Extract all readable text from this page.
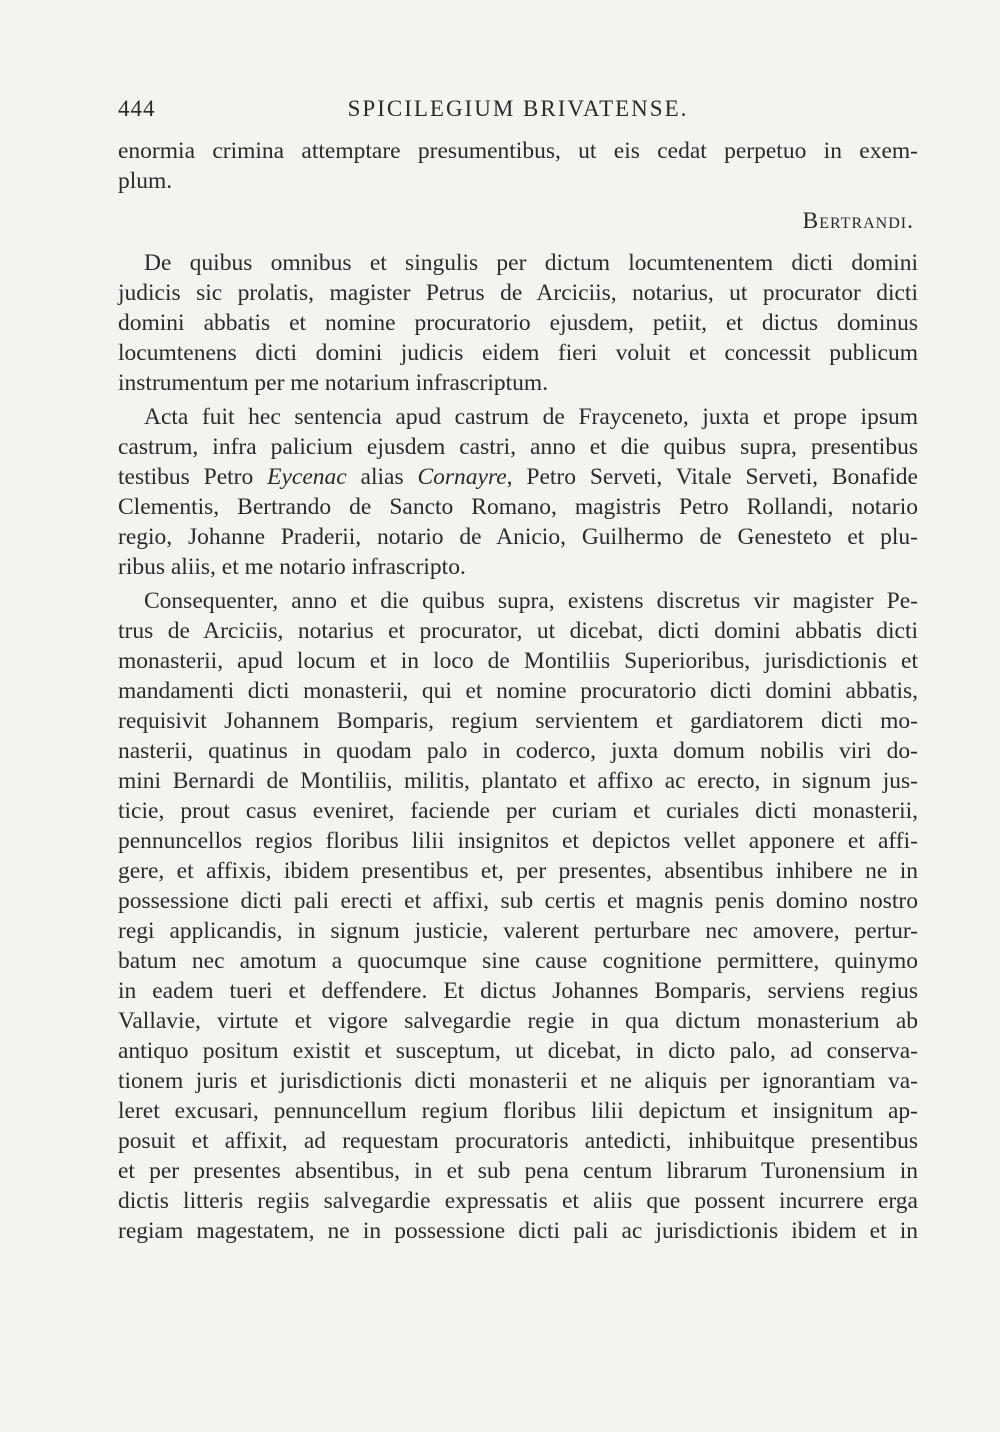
444	SPICILEGIUM BRIVATENSE.
enormia crimina attemptare presumentibus, ut eis cedat perpetuo in exem-
plum.
Bertrandi.
De quibus omnibus et singulis per dictum locumtenentem dicti domini
judicis sic prolatis, magister Petrus de Arciciis, notarius, ut procurator dicti
domini abbatis et nomine procuratorio ejusdem, petiit, et dictus dominus
locumtenens dicti domini judicis eidem fieri voluit et concessit publicum
instrumentum per me notarium infrascriptum.
Acta fuit hec sentencia apud castrum de Frayceneto, juxta et prope ipsum
castrum, infra palicium ejusdem castri, anno et die quibus supra, presentibus
testibus Petro Eycenac alias Cornayre, Petro Serveti, Vitale Serveti, Bonafide
Clementis, Bertrando de Sancto Romano, magistris Petro Rollandi, notario
regio, Johanne Praderii, notario de Anicio, Guilhermo de Genesteto et plu-
ribus aliis, et me notario infrascripto.
Consequenter, anno et die quibus supra, existens discretus vir magister Pe-
trus de Arciciis, notarius et procurator, ut dicebat, dicti domini abbatis dicti
monasterii, apud locum et in loco de Montiliis Superioribus, jurisdictionis et
mandamenti dicti monasterii, qui et nomine procuratorio dicti domini abbatis,
requisivit Johannem Bomparis, regium servientem et gardiatorem dicti mo-
nasterii, quatinus in quodam palo in coderco, juxta domum nobilis viri do-
mini Bernardi de Montiliis, militis, plantato et affixo ac erecto, in signum jus-
ticie, prout casus eveniret, faciende per curiam et curiales dicti monasterii,
pennuncellos regios floribus lilii insignitos et depictos vellet apponere et affi-
gere, et affixis, ibidem presentibus et, per presentes, absentibus inhibere ne in
possessione dicti pali erecti et affixi, sub certis et magnis penis domino nostro
regi applicandis, in signum justicie, valerent perturbare nec amovere, pertur-
batum nec amotum a quocumque sine cause cognitione permittere, quinymo
in eadem tueri et deffendere. Et dictus Johannes Bomparis, serviens regius
Vallavie, virtute et vigore salvegardie regie in qua dictum monasterium ab
antiquo positum existit et susceptum, ut dicebat, in dicto palo, ad conserva-
tionem juris et jurisdictionis dicti monasterii et ne aliquis per ignorantiam va-
leret excusari, pennuncellum regium floribus lilii depictum et insignitum ap-
posuit et affixit, ad requestam procuratoris antedicti, inhibuitque presentibus
et per presentes absentibus, in et sub pena centum librarum Turonensium in
dictis litteris regiis salvegardie expressatis et aliis que possent incurrere erga
regiam magestatem, ne in possessione dicti pali ac jurisdictionis ibidem et in
